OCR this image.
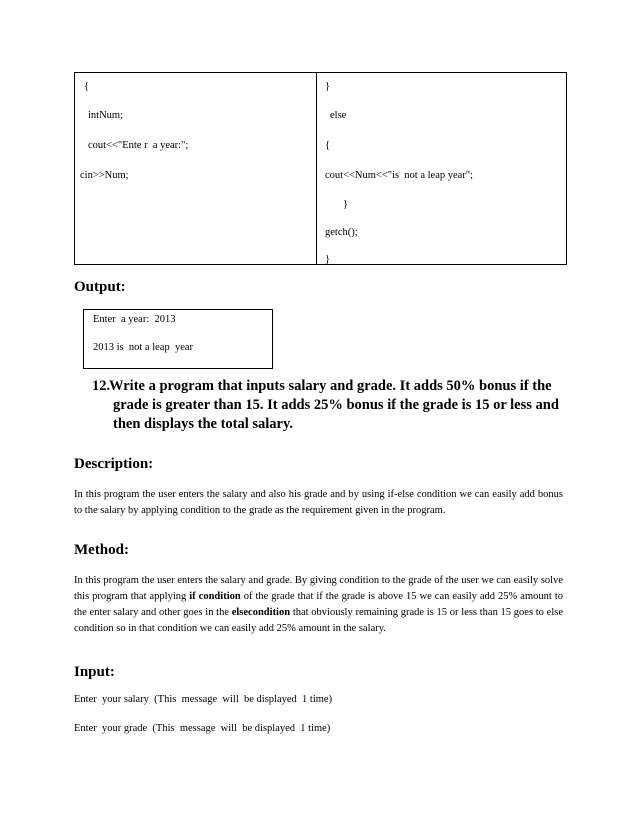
{
intNum;
cout<<"Ente r  a year:";
cin>>Num;
}
else
{
cout<<Num<<"is  not a leap year";
}
getch();
}
Output:
Enter  a year:  2013
2013 is  not a leap  year
12.
Write a program that inputs salary and grade. It adds 50% bonus if the grade is greater than 15. It adds 25% bonus if the grade is 15 or less and then displays the total salary.
Description:
In this program the user enters the salary and also his grade and by using if-else condition we can easily add bonus to the salary by applying condition to the grade as the requirement given in the program.
Method:
In this program the user enters the salary and grade. By giving condition to the grade of the user we can easily solve this program that applying if condition of the grade that if the grade is above 15 we can easily add 25% amount to the enter salary and other goes in the elsecondition that obviously remaining grade is 15 or less than 15 goes to else condition so in that condition we can easily add 25% amount in the salary.
Input:
Enter  your salary  (This  message  will  be displayed  1 time)
Enter  your grade  (This  message  will  be displayed  1 time)
